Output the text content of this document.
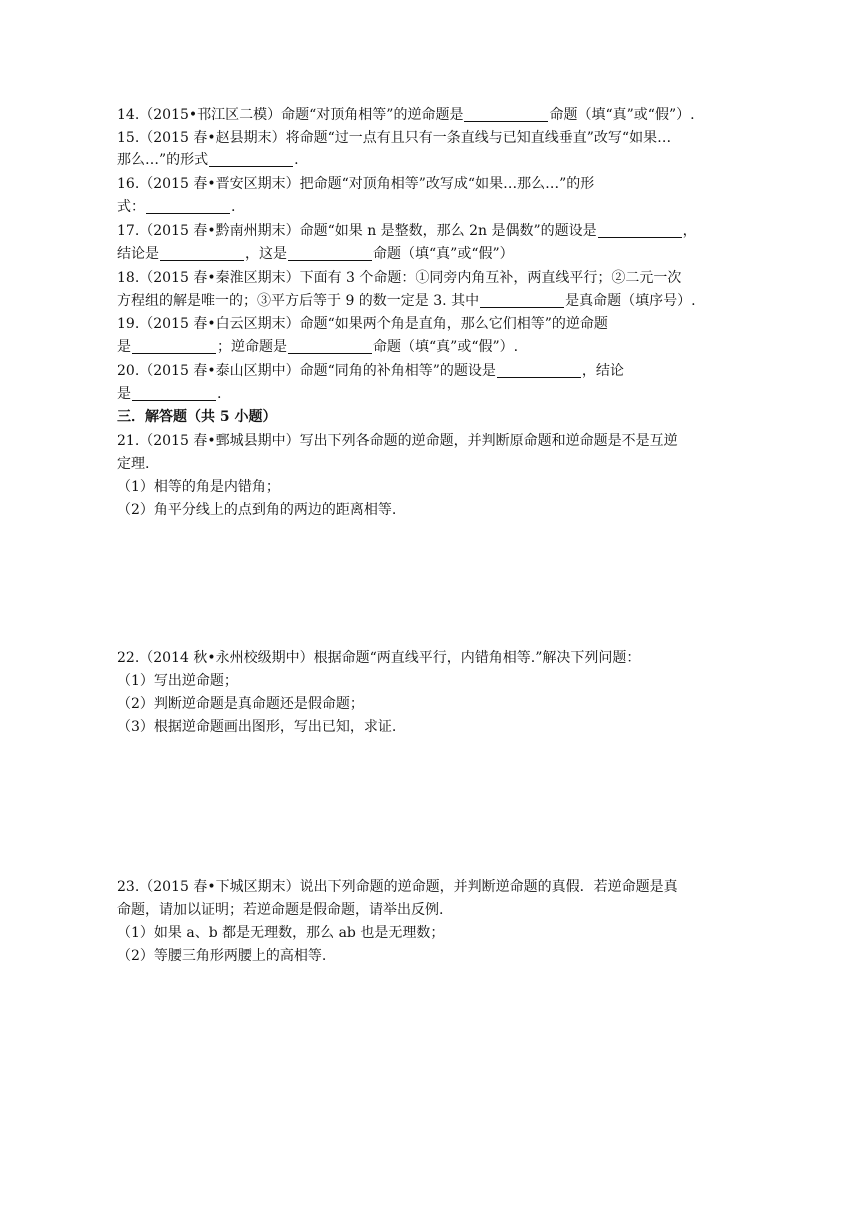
14.（2015•邗江区二模）命题“对顶角相等”的逆命题是	命题（填“真”或“假”）.
15.（2015 春•赵县期末）将命题“过一点有且只有一条直线与已知直线垂直”改写“如果…
那么…”的形式	.
16.（2015 春•晋安区期末）把命题“对顶角相等”改写成“如果…那么…”的形
式：	.
17.（2015 春•黔南州期末）命题“如果 n 是整数，那么 2n 是偶数”的题设是	，
结论是	，这是	命题（填“真”或“假”）
18.（2015 春•秦淮区期末）下面有 3 个命题：①同旁内角互补，两直线平行；②二元一次
方程组的解是唯一的；③平方后等于 9 的数一定是 3. 其中	是真命题（填序号）.
19.（2015 春•白云区期末）命题“如果两个角是直角，那么它们相等”的逆命题
是	；逆命题是	命题（填“真”或“假”）.
20.（2015 春•泰山区期中）命题“同角的补角相等”的题设是	，结论
是	.
三．解答题（共 5 小题）
21.（2015 春•鄄城县期中）写出下列各命题的逆命题，并判断原命题和逆命题是不是互逆
定理.
（1）相等的角是内错角；
（2）角平分线上的点到角的两边的距离相等.
22.（2014 秋•永州校级期中）根据命题“两直线平行，内错角相等.”解决下列问题：
（1）写出逆命题；
（2）判断逆命题是真命题还是假命题；
（3）根据逆命题画出图形，写出已知，求证.
23.（2015 春•下城区期末）说出下列命题的逆命题，并判断逆命题的真假．若逆命题是真
命题，请加以证明；若逆命题是假命题，请举出反例.
（1）如果 a、b 都是无理数，那么 ab 也是无理数；
（2）等腰三角形两腰上的高相等.
